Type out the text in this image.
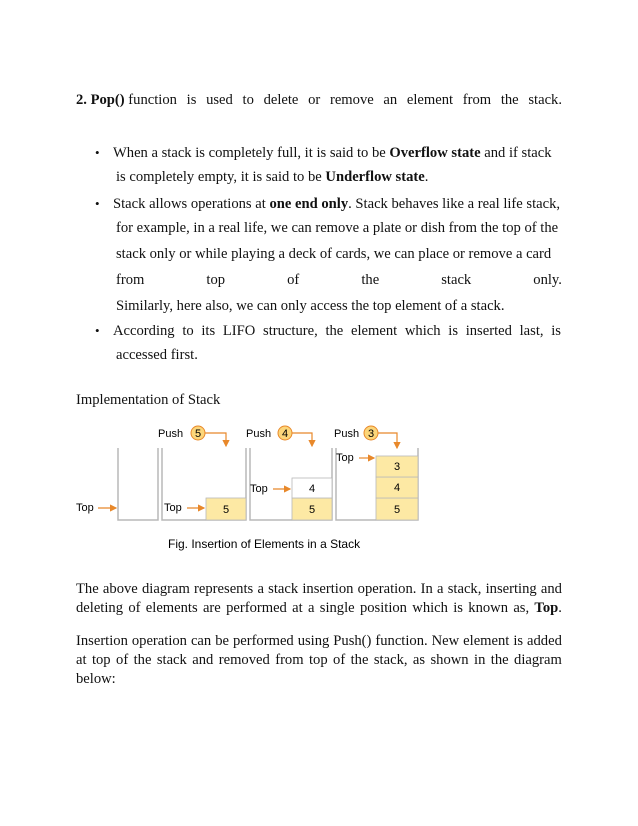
2. Pop() function is used to delete or remove an element from the stack.
• When a stack is completely full, it is said to be Overflow state and if stack
is completely empty, it is said to be Underflow state.
• Stack allows operations at one end only. Stack behaves like a real life stack,
for example, in a real life, we can remove a plate or dish from the top of the
stack only or while playing a deck of cards, we can place or remove a card
from	top	of	the	stack	only.
Similarly, here also, we can only access the top element of a stack.
• According to its LIFO structure, the element which is inserted last, is
accessed first.
Implementation of Stack
Top	5
Top
Push 5
5
4
Top
Push 4
5
4
3
Top
Push 3
Fig. Insertion of Elements in a Stack
The above diagram represents a stack insertion operation. In a stack, inserting and
deleting of elements are performed at a single position which is known as, Top.
Insertion operation can be performed using Push() function. New element is added
at top of the stack and removed from top of the stack, as shown in the diagram
below:
